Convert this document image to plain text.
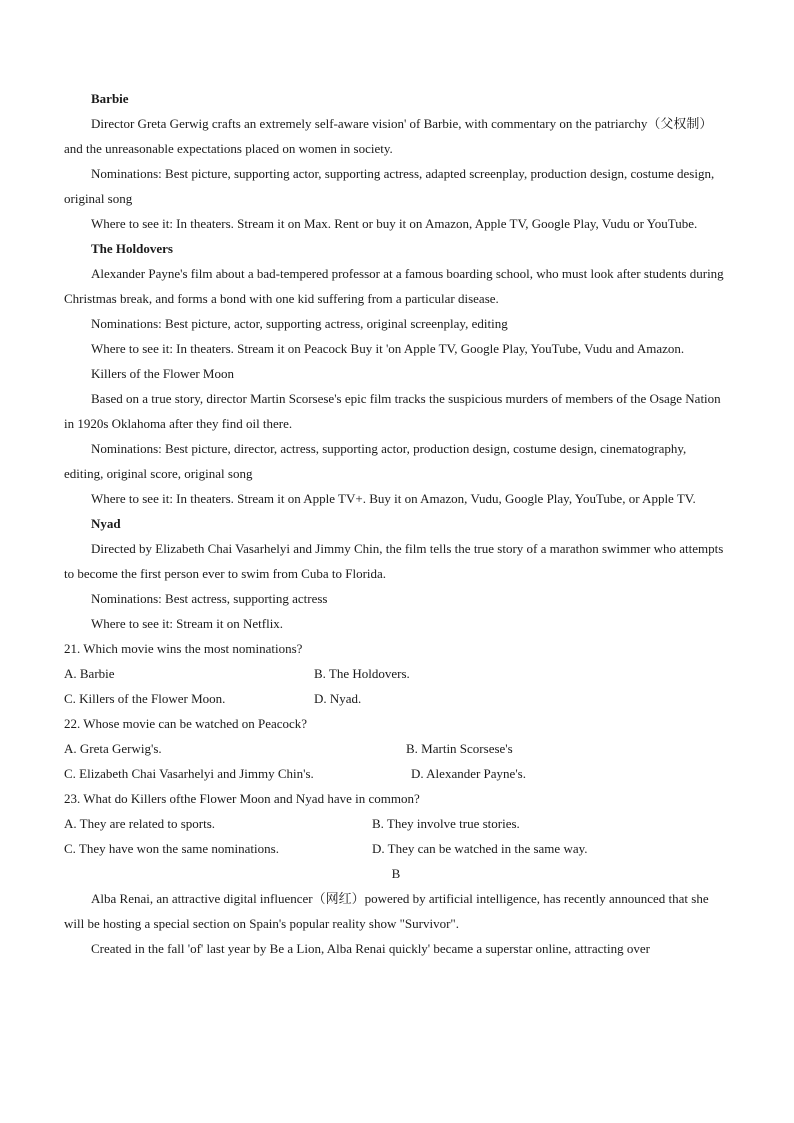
Barbie

Director Greta Gerwig crafts an extremely self-aware vision' of Barbie, with commentary on the patriarchy（父权制）and the unreasonable expectations placed on women in society.

Nominations: Best picture, supporting actor, supporting actress, adapted screenplay, production design, costume design, original song

Where to see it: In theaters. Stream it on Max. Rent or buy it on Amazon, Apple TV, Google Play, Vudu or YouTube.

The Holdovers

Alexander Payne's film about a bad-tempered professor at a famous boarding school, who must look after students during Christmas break, and forms a bond with one kid suffering from a particular disease.

Nominations: Best picture, actor, supporting actress, original screenplay, editing

Where to see it: In theaters. Stream it on Peacock Buy it 'on Apple TV, Google Play, YouTube, Vudu and Amazon.

Killers of the Flower Moon

Based on a true story, director Martin Scorsese's epic film tracks the suspicious murders of members of the Osage Nation in 1920s Oklahoma after they find oil there.

Nominations: Best picture, director, actress, supporting actor, production design, costume design, cinematography, editing, original score, original song

Where to see it: In theaters. Stream it on Apple TV+. Buy it on Amazon, Vudu, Google Play, YouTube, or Apple TV.

Nyad

Directed by Elizabeth Chai Vasarhelyi and Jimmy Chin, the film tells the true story of a marathon swimmer who attempts to become the first person ever to swim from Cuba to Florida.

Nominations: Best actress, supporting actress

Where to see it: Stream it on Netflix.

21. Which movie wins the most nominations?

A. Barbie	B. The Holdovers.
C. Killers of the Flower Moon.	D. Nyad.

22. Whose movie can be watched on Peacock?

A. Greta Gerwig's.	B. Martin Scorsese's
C. Elizabeth Chai Vasarhelyi and Jimmy Chin's.	D. Alexander Payne's.

23. What do Killers ofthe Flower Moon and Nyad have in common?

A. They are related to sports.	B. They involve true stories.
C. They have won the same nominations.	D. They can be watched in the same way.

B

Alba Renai, an attractive digital influencer（网红）powered by artificial intelligence, has recently announced that she will be hosting a special section on Spain's popular reality show "Survivor".

Created in the fall 'of' last year by Be a Lion, Alba Renai quickly' became a superstar online, attracting over
